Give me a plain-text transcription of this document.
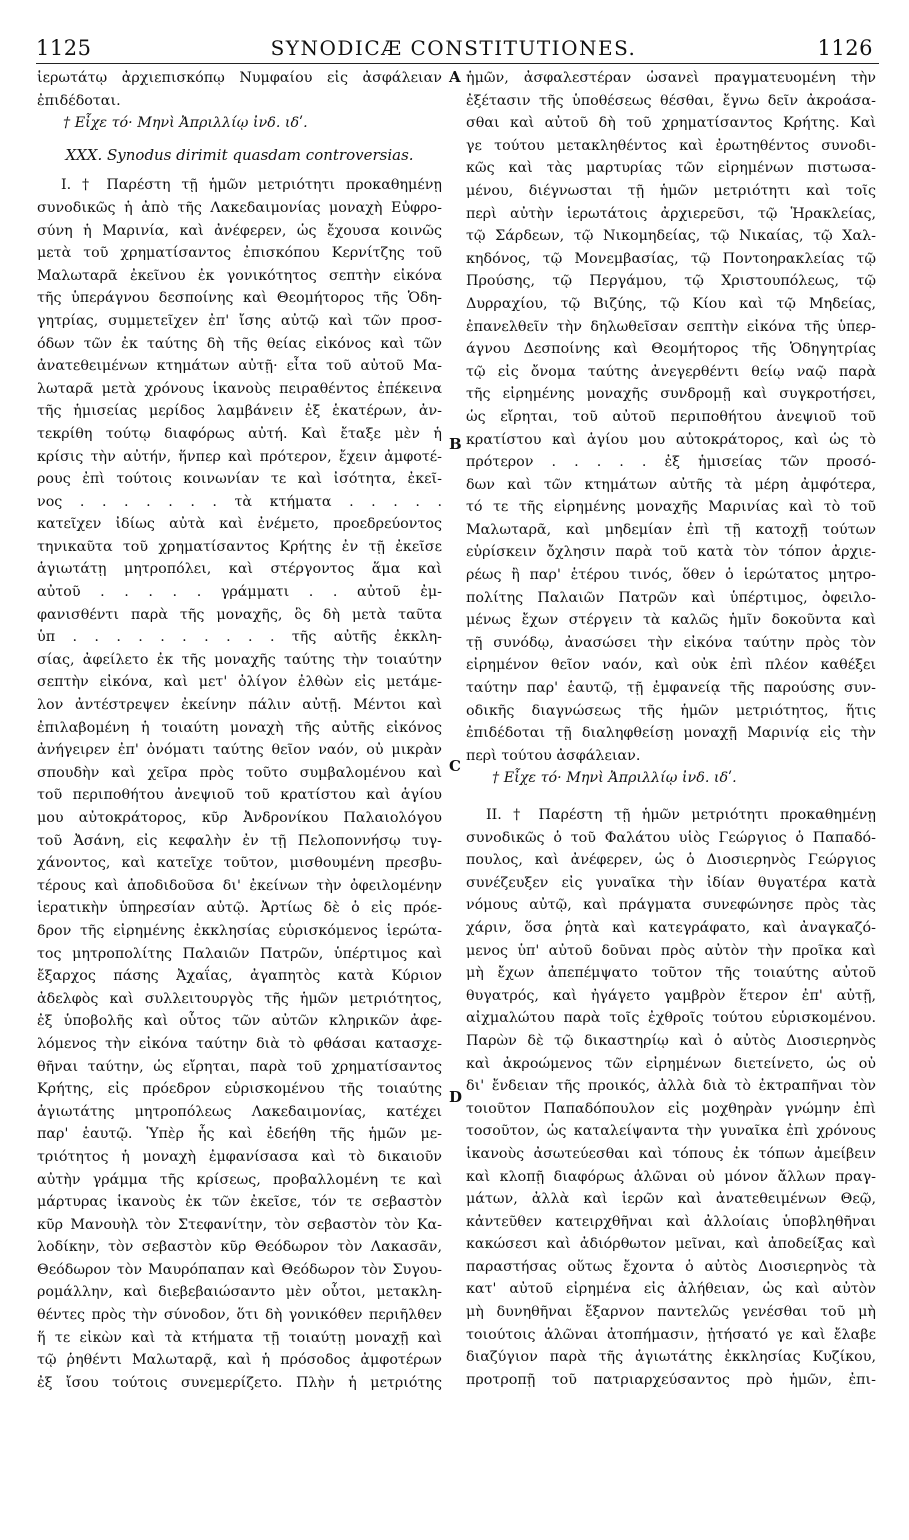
1125	SYNODICÆ CONSTITUTIONES.	1126
ἱερωτάτῳ ἀρχιεπισκόπῳ Νυμφαίου εἰς ἀσφάλειαν
ἐπιδέδοται.
† Εἶχε τό· Μηνὶ Ἀπριλλίῳ ἰνδ. ιδʹ.
XXX. Synodus dirimit quasdam controversias.
I. † Παρέστη τῇ ἡμῶν μετριότητι προκαθημένῃ
συνοδικῶς ἡ ἀπὸ τῆς Λακεδαιμονίας μοναχὴ Εὐφρο-
σύνη ἡ Μαρινία, καὶ ἀνέφερεν, ὡς ἔχουσα κοινῶς
μετὰ τοῦ χρηματίσαντος ἐπισκόπου Κερνίτζης τοῦ
Μαλωταρᾶ ἐκεῖνου ἐκ γονικότητος σεπτὴν εἰκόνα
τῆς ὑπεράγνου δεσποίνης καὶ Θεομήτορος τῆς Ὁδη-
γητρίας, συμμετεῖχεν ἐπ' ἴσης αὐτῷ καὶ τῶν προσ-
όδων τῶν ἐκ ταύτης δὴ τῆς θείας εἰκόνος καὶ τῶν
ἀνατεθειμένων κτημάτων αὐτῇ· εἶτα τοῦ αὐτοῦ Μα-
λωταρᾶ μετὰ χρόνους ἱκανοὺς πειραθέντος ἐπέκεινα
τῆς ἡμισείας μερίδος λαμβάνειν ἐξ ἑκατέρων, ἀν-
τεκρίθη τούτῳ διαφόρως αὐτή. Καὶ ἔταξε μὲν ἡ
κρίσις τὴν αὐτήν, ἥνπερ καὶ πρότερον, ἔχειν ἀμφοτέ-
ρους ἐπὶ τούτοις κοινωνίαν τε καὶ ἰσότητα, ἐκεῖ-
νος . . . . . . . τὰ κτήματα . . . . .
κατεῖχεν ἰδίως αὐτὰ καὶ ἐνέμετο, προεδρεύοντος
τηνικαῦτα τοῦ χρηματίσαντος Κρήτης ἐν τῇ ἐκεῖσε
ἁγιωτάτῃ μητροπόλει, καὶ στέργοντος ἅμα καὶ
αὐτοῦ . . . . . γράμματι . . αὐτοῦ ἐμ-
φανισθέντι παρὰ τῆς μοναχῆς, ὃς δὴ μετὰ ταῦτα
ὑπ . . . . . . . . . . τῆς αὐτῆς ἐκκλη-
σίας, ἀφείλετο ἐκ τῆς μοναχῆς ταύτης τὴν τοιαύτην
σεπτὴν εἰκόνα, καὶ μετ' ὀλίγον ἐλθὼν εἰς μετάμε-
λον ἀντέστρεψεν ἐκείνην πάλιν αὐτῇ. Μέντοι καὶ
ἐπιλαβομένη ἡ τοιαύτη μοναχὴ τῆς αὐτῆς εἰκόνος
ἀνήγειρεν ἐπ' ὀνόματι ταύτης θεῖον ναόν, οὐ μικρὰν
σπουδὴν καὶ χεῖρα πρὸς τοῦτο συμβαλομένου καὶ
τοῦ περιποθήτου ἀνεψιοῦ τοῦ κρατίστου καὶ ἁγίου
μου αὐτοκράτορος, κῦρ Ἀνδρονίκου Παλαιολόγου
τοῦ Ἀσάνη, εἰς κεφαλὴν ἐν τῇ Πελοποννήσῳ τυγ-
χάνοντος, καὶ κατεῖχε τοῦτον, μισθουμένη πρεσβυ-
τέρους καὶ ἀποδιδοῦσα δι' ἐκείνων τὴν ὀφειλομένην
ἱερατικὴν ὑπηρεσίαν αὐτῷ. Ἀρτίως δὲ ὁ εἰς πρόε-
δρον τῆς εἰρημένης ἐκκλησίας εὑρισκόμενος ἱερώτα-
τος μητροπολίτης Παλαιῶν Πατρῶν, ὑπέρτιμος καὶ
ἔξαρχος πάσης Ἀχαΐας, ἀγαπητὸς κατὰ Κύριον
ἀδελφὸς καὶ συλλειτουργὸς τῆς ἡμῶν μετριότητος,
ἐξ ὑποβολῆς καὶ οὗτος τῶν αὐτῶν κληρικῶν ἀφε-
λόμενος τὴν εἰκόνα ταύτην διὰ τὸ φθάσαι κατασχε-
θῆναι ταύτην, ὡς εἴρηται, παρὰ τοῦ χρηματίσαντος
Κρήτης, εἰς πρόεδρον εὑρισκομένου τῆς τοιαύτης
ἁγιωτάτης μητροπόλεως Λακεδαιμονίας, κατέχει
παρ' ἑαυτῷ. Ὑπὲρ ἧς καὶ ἐδεήθη τῆς ἡμῶν με-
τριότητος ἡ μοναχὴ ἐμφανίσασα καὶ τὸ δικαιοῦν
αὐτὴν γράμμα τῆς κρίσεως, προβαλλομένη τε καὶ
μάρτυρας ἱκανοὺς ἐκ τῶν ἐκεῖσε, τόν τε σεβαστὸν
κῦρ Μανουὴλ τὸν Στεφανίτην, τὸν σεβαστὸν τὸν Κα-
λοδίκην, τὸν σεβαστὸν κῦρ Θεόδωρον τὸν Λακασᾶν,
Θεόδωρον τὸν Μαυρόπαπαν καὶ Θεόδωρον τὸν Συγου-
ρομάλλην, καὶ διεβεβαιώσαντο μὲν οὗτοι, μετακλη-
θέντες πρὸς τὴν σύνοδον, ὅτι δὴ γονικόθεν περιῆλθεν
ἥ τε εἰκὼν καὶ τὰ κτήματα τῇ τοιαύτῃ μοναχῇ καὶ
τῷ ῥηθέντι Μαλωταρᾷ, καὶ ἡ πρόσοδος ἀμφοτέρων
ἐξ ἴσου τούτοις συνεμερίζετο. Πλὴν ἡ μετριότης
A
B
C
D
ἡμῶν, ἀσφαλεστέραν ὡσανεὶ πραγματευομένη τὴν
ἐξέτασιν τῆς ὑποθέσεως θέσθαι, ἔγνω δεῖν ἀκροάσα-
σθαι καὶ αὐτοῦ δὴ τοῦ χρηματίσαντος Κρήτης. Καὶ
γε τούτου μετακληθέντος καὶ ἐρωτηθέντος συνοδι-
κῶς καὶ τὰς μαρτυρίας τῶν εἰρημένων πιστωσα-
μένου, διέγνωσται τῇ ἡμῶν μετριότητι καὶ τοῖς
περὶ αὐτὴν ἱερωτάτοις ἀρχιερεῦσι, τῷ Ἡρακλείας,
τῷ Σάρδεων, τῷ Νικομηδείας, τῷ Νικαίας, τῷ Χαλ-
κηδόνος, τῷ Μονεμβασίας, τῷ Ποντοηρακλείας τῷ
Προύσης, τῷ Περγάμου, τῷ Χριστουπόλεως, τῷ
Δυρραχίου, τῷ Βιζύης, τῷ Κίου καὶ τῷ Μηδείας,
ἐπανελθεῖν τὴν δηλωθεῖσαν σεπτὴν εἰκόνα τῆς ὑπερ-
άγνου Δεσποίνης καὶ Θεομήτορος τῆς Ὁδηγητρίας
τῷ εἰς ὄνομα ταύτης ἀνεγερθέντι θείῳ ναῷ παρὰ
τῆς εἰρημένης μοναχῆς συνδρομῇ καὶ συγκροτήσει,
ὡς εἴρηται, τοῦ αὐτοῦ περιποθήτου ἀνεψιοῦ τοῦ
κρατίστου καὶ ἁγίου μου αὐτοκράτορος, καὶ ὡς τὸ
πρότερον . . . . . ἐξ ἡμισείας τῶν προσό-
δων καὶ τῶν κτημάτων αὐτῆς τὰ μέρη ἀμφότερα,
τό τε τῆς εἰρημένης μοναχῆς Μαρινίας καὶ τὸ τοῦ
Μαλωταρᾶ, καὶ μηδεμίαν ἐπὶ τῇ κατοχῇ τούτων
εὑρίσκειν ὄχλησιν παρὰ τοῦ κατὰ τὸν τόπον ἀρχιε-
ρέως ἢ παρ' ἑτέρου τινός, ὅθεν ὁ ἱερώτατος μητρο-
πολίτης Παλαιῶν Πατρῶν καὶ ὑπέρτιμος, ὀφειλο-
μένως ἔχων στέργειν τὰ καλῶς ἡμῖν δοκοῦντα καὶ
τῇ συνόδῳ, ἀνασώσει τὴν εἰκόνα ταύτην πρὸς τὸν
εἰρημένον θεῖον ναόν, καὶ οὐκ ἐπὶ πλέον καθέξει
ταύτην παρ' ἑαυτῷ, τῇ ἐμφανείᾳ τῆς παρούσης συν-
οδικῆς διαγνώσεως τῆς ἡμῶν μετριότητος, ἥτις
ἐπιδέδοται τῇ διαληφθείσῃ μοναχῇ Μαρινίᾳ εἰς τὴν
περὶ τούτου ἀσφάλειαν.
† Εἶχε τό· Μηνὶ Ἀπριλλίῳ ἰνδ. ιδʹ.
II. † Παρέστη τῇ ἡμῶν μετριότητι προκαθημένῃ
συνοδικῶς ὁ τοῦ Φαλάτου υἱὸς Γεώργιος ὁ Παπαδό-
πουλος, καὶ ἀνέφερεν, ὡς ὁ Διοσιερηνὸς Γεώργιος
συνέζευξεν εἰς γυναῖκα τὴν ἰδίαν θυγατέρα κατὰ
νόμους αὐτῷ, καὶ πράγματα συνεφώνησε πρὸς τὰς
χάριν, ὅσα ῥητὰ καὶ κατεγράφατο, καὶ ἀναγκαζό-
μενος ὑπ' αὐτοῦ δοῦναι πρὸς αὐτὸν τὴν προῖκα καὶ
μὴ ἔχων ἀπεπέμψατο τοῦτον τῆς τοιαύτης αὐτοῦ
θυγατρός, καὶ ἠγάγετο γαμβρὸν ἕτερον ἐπ' αὐτῇ,
αἰχμαλώτου παρὰ τοῖς ἐχθροῖς τούτου εὑρισκομένου.
Παρὼν δὲ τῷ δικαστηρίῳ καὶ ὁ αὐτὸς Διοσιερηνὸς
καὶ ἀκροώμενος τῶν εἰρημένων διετείνετο, ὡς οὐ
δι' ἔνδειαν τῆς προικός, ἀλλὰ διὰ τὸ ἐκτραπῆναι τὸν
τοιοῦτον Παπαδόπουλον εἰς μοχθηρὰν γνώμην ἐπὶ
τοσοῦτον, ὡς καταλείψαντα τὴν γυναῖκα ἐπὶ χρόνους
ἱκανοὺς ἀσωτεύεσθαι καὶ τόπους ἐκ τόπων ἀμείβειν
καὶ κλοπῇ διαφόρως ἁλῶναι οὐ μόνον ἄλλων πραγ-
μάτων, ἀλλὰ καὶ ἱερῶν καὶ ἀνατεθειμένων Θεῷ,
κἀντεῦθεν κατειρχθῆναι καὶ ἀλλοίαις ὑποβληθῆναι
κακώσεσι καὶ ἀδιόρθωτον μεῖναι, καὶ ἀποδείξας καὶ
παραστήσας οὕτως ἔχοντα ὁ αὐτὸς Διοσιερηνὸς τὰ
κατ' αὐτοῦ εἰρημένα εἰς ἀλήθειαν, ὡς καὶ αὐτὸν
μὴ δυνηθῆναι ἔξαρνον παντελῶς γενέσθαι τοῦ μὴ
τοιούτοις ἁλῶναι ἀτοπήμασιν, ᾐτήσατό γε καὶ ἔλαβε
διαζύγιον παρὰ τῆς ἁγιωτάτης ἐκκλησίας Κυζίκου,
προτροπῇ τοῦ πατριαρχεύσαντος πρὸ ἡμῶν, ἐπι-
